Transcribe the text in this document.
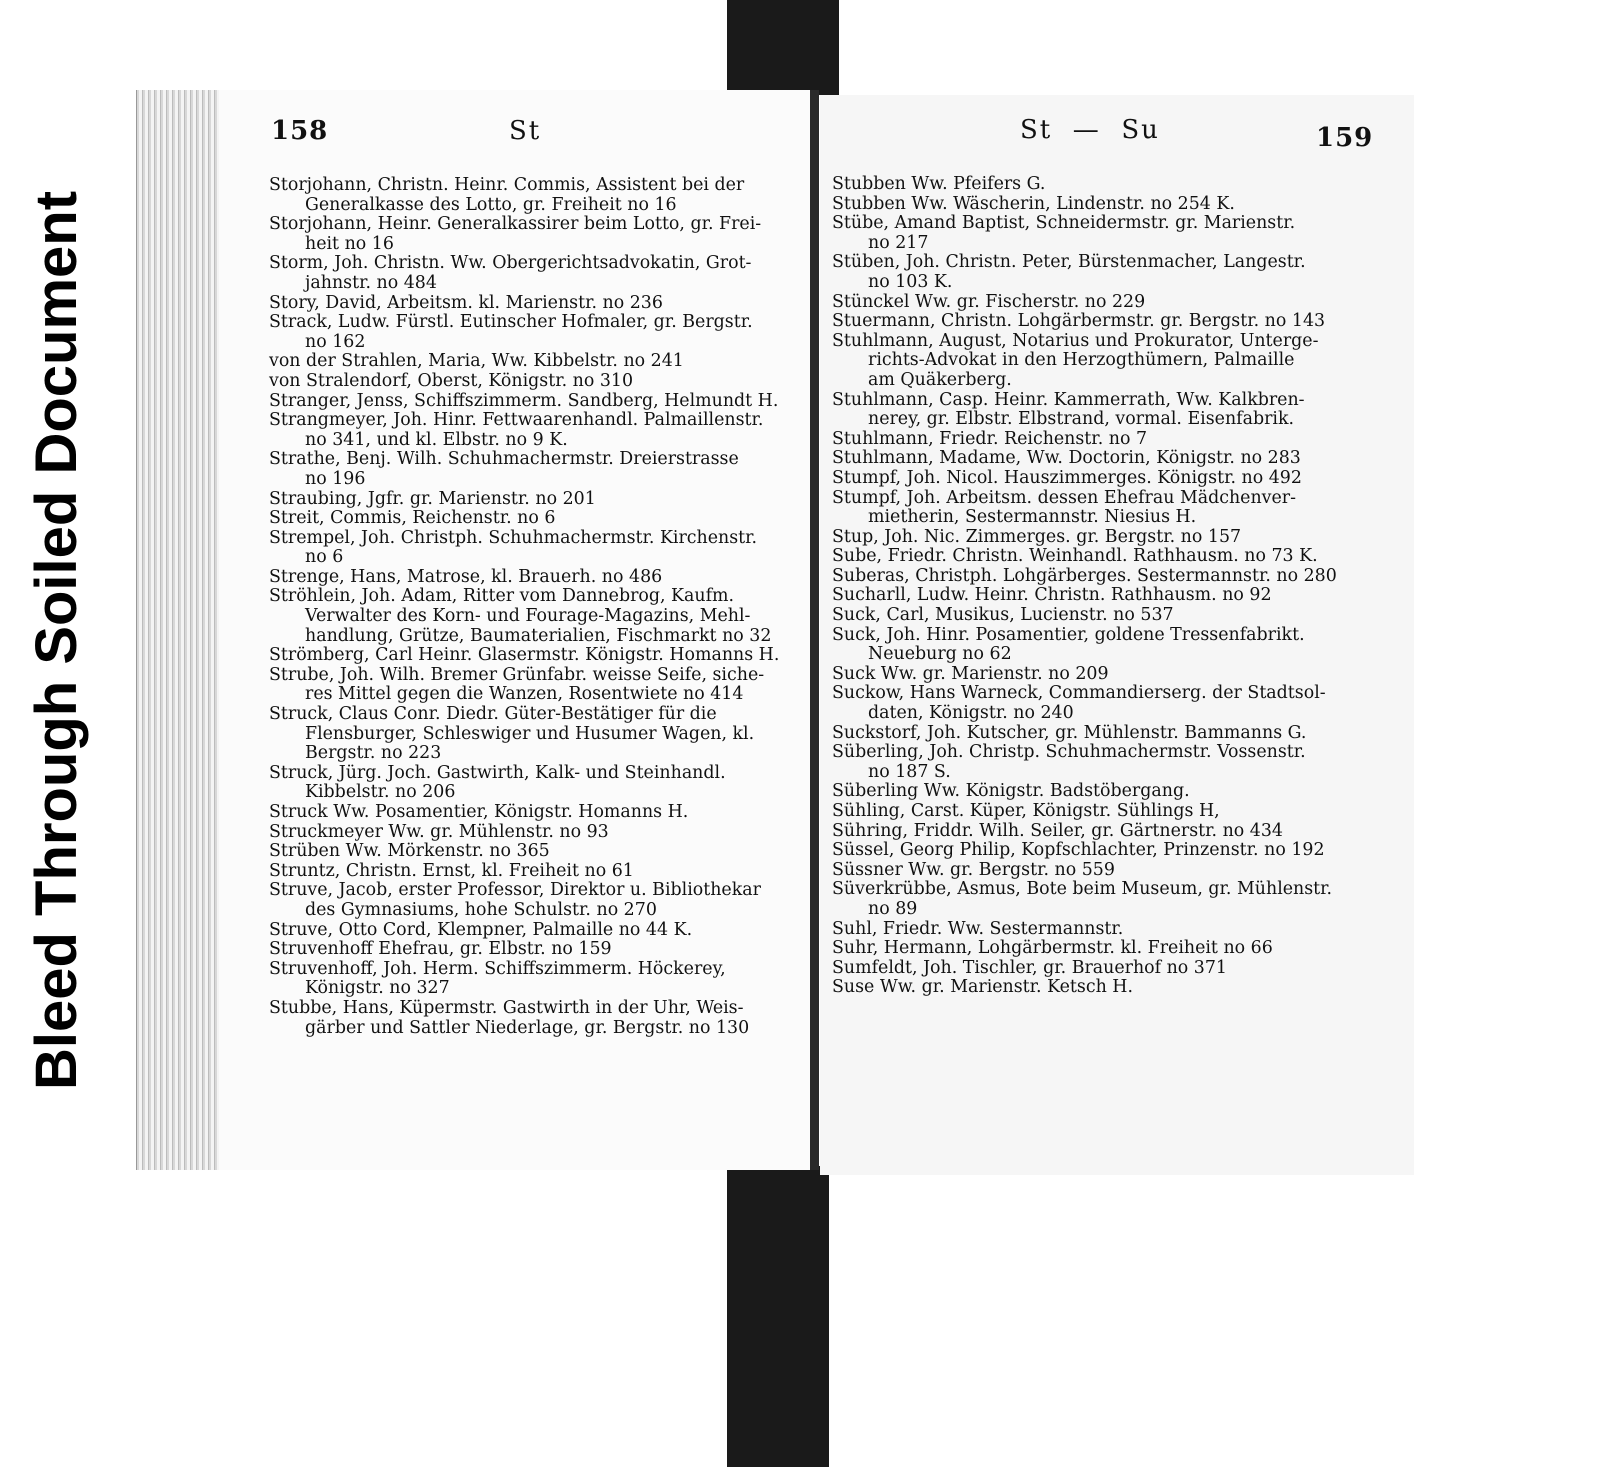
Bleed Through Soiled Document
158	St
Storjohann, Christn. Heinr. Commis, Assistent bei der
Generalkasse des Lotto, gr. Freiheit no 16
Storjohann, Heinr. Generalkassirer beim Lotto, gr. Frei-
heit no 16
Storm, Joh. Christn. Ww. Obergerichtsadvokatin, Grot-
jahnstr. no 484
Story, David, Arbeitsm. kl. Marienstr. no 236
Strack, Ludw. Fürstl. Eutinscher Hofmaler, gr. Bergstr.
no 162
von der Strahlen, Maria, Ww. Kibbelstr. no 241
von Stralendorf, Oberst, Königstr. no 310
Stranger, Jenss, Schiffszimmerm. Sandberg, Helmundt H.
Strangmeyer, Joh. Hinr. Fettwaarenhandl. Palmaillenstr.
no 341, und kl. Elbstr. no 9 K.
Strathe, Benj. Wilh. Schuhmachermstr. Dreierstrasse
no 196
Straubing, Jgfr. gr. Marienstr. no 201
Streit, Commis, Reichenstr. no 6
Strempel, Joh. Christph. Schuhmachermstr. Kirchenstr.
no 6
Strenge, Hans, Matrose, kl. Brauerh. no 486
Ströhlein, Joh. Adam, Ritter vom Dannebrog, Kaufm.
Verwalter des Korn- und Fourage-Magazins, Mehl-
handlung, Grütze, Baumaterialien, Fischmarkt no 32
Strömberg, Carl Heinr. Glasermstr. Königstr. Homanns H.
Strube, Joh. Wilh. Bremer Grünfabr. weisse Seife, siche-
res Mittel gegen die Wanzen, Rosentwiete no 414
Struck, Claus Conr. Diedr. Güter-Bestätiger für die
Flensburger, Schleswiger und Husumer Wagen, kl.
Bergstr. no 223
Struck, Jürg. Joch. Gastwirth, Kalk- und Steinhandl.
Kibbelstr. no 206
Struck Ww. Posamentier, Königstr. Homanns H.
Struckmeyer Ww. gr. Mühlenstr. no 93
Strüben Ww. Mörkenstr. no 365
Struntz, Christn. Ernst, kl. Freiheit no 61
Struve, Jacob, erster Professor, Direktor u. Bibliothekar
des Gymnasiums, hohe Schulstr. no 270
Struve, Otto Cord, Klempner, Palmaille no 44 K.
Struvenhoff Ehefrau, gr. Elbstr. no 159
Struvenhoff, Joh. Herm. Schiffszimmerm. Höckerey,
Königstr. no 327
Stubbe, Hans, Küpermstr. Gastwirth in der Uhr, Weis-
gärber und Sattler Niederlage, gr. Bergstr. no 130
St  —  Su	159
Stubben Ww. Pfeifers G.
Stubben Ww. Wäscherin, Lindenstr. no 254 K.
Stübe, Amand Baptist, Schneidermstr. gr. Marienstr.
no 217
Stüben, Joh. Christn. Peter, Bürstenmacher, Langestr.
no 103 K.
Stünckel Ww. gr. Fischerstr. no 229
Stuermann, Christn. Lohgärbermstr. gr. Bergstr. no 143
Stuhlmann, August, Notarius und Prokurator, Unterge-
richts-Advokat in den Herzogthümern, Palmaille
am Quäkerberg.
Stuhlmann, Casp. Heinr. Kammerrath, Ww. Kalkbren-
nerey, gr. Elbstr. Elbstrand, vormal. Eisenfabrik.
Stuhlmann, Friedr. Reichenstr. no 7
Stuhlmann, Madame, Ww. Doctorin, Königstr. no 283
Stumpf, Joh. Nicol. Hauszimmerges. Königstr. no 492
Stumpf, Joh. Arbeitsm. dessen Ehefrau Mädchenver-
mietherin, Sestermannstr. Niesius H.
Stup, Joh. Nic. Zimmerges. gr. Bergstr. no 157
Sube, Friedr. Christn. Weinhandl. Rathhausm. no 73 K.
Suberas, Christph. Lohgärberges. Sestermannstr. no 280
Sucharll, Ludw. Heinr. Christn. Rathhausm. no 92
Suck, Carl, Musikus, Lucienstr. no 537
Suck, Joh. Hinr. Posamentier, goldene Tressenfabrikt.
Neueburg no 62
Suck Ww. gr. Marienstr. no 209
Suckow, Hans Warneck, Commandierserg. der Stadtsol-
daten, Königstr. no 240
Suckstorf, Joh. Kutscher, gr. Mühlenstr. Bammanns G.
Süberling, Joh. Christp. Schuhmachermstr. Vossenstr.
no 187 S.
Süberling Ww. Königstr. Badstöbergang.
Sühling, Carst. Küper, Königstr. Sühlings H,
Sühring, Friddr. Wilh. Seiler, gr. Gärtnerstr. no 434
Süssel, Georg Philip, Kopfschlachter, Prinzenstr. no 192
Süssner Ww. gr. Bergstr. no 559
Süverkrübbe, Asmus, Bote beim Museum, gr. Mühlenstr.
no 89
Suhl, Friedr. Ww. Sestermannstr.
Suhr, Hermann, Lohgärbermstr. kl. Freiheit no 66
Sumfeldt, Joh. Tischler, gr. Brauerhof no 371
Suse Ww. gr. Marienstr. Ketsch H.
